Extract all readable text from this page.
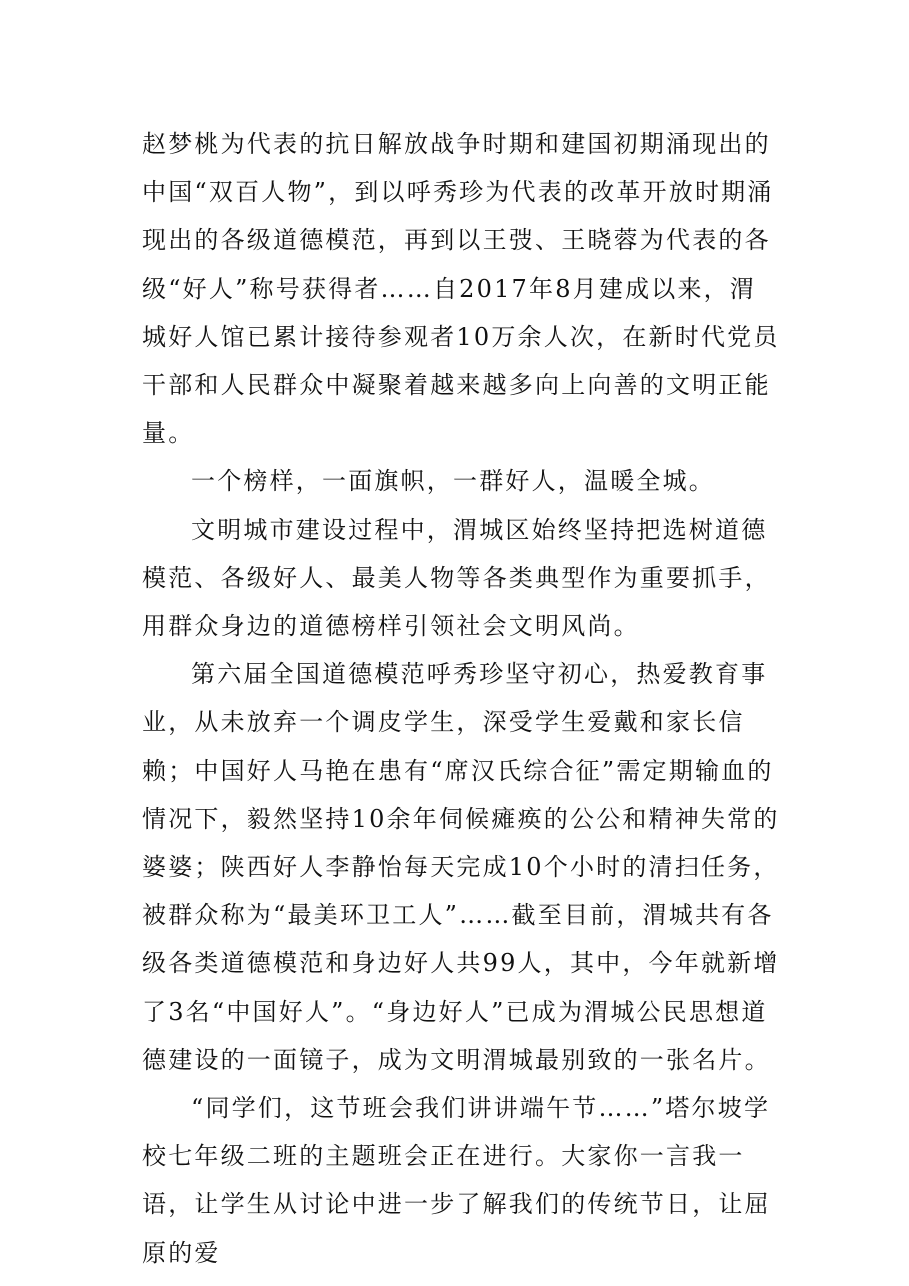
赵梦桃为代表的抗日解放战争时期和建国初期涌现出的中国“双百人物”，到以呼秀珍为代表的改革开放时期涌现出的各级道德模范，再到以王弢、王晓蓉为代表的各级“好人”称号获得者……自2017年8月建成以来，渭城好人馆已累计接待参观者10万余人次，在新时代党员干部和人民群众中凝聚着越来越多向上向善的文明正能量。

一个榜样，一面旗帜，一群好人，温暖全城。

文明城市建设过程中，渭城区始终坚持把选树道德模范、各级好人、最美人物等各类典型作为重要抓手，用群众身边的道德榜样引领社会文明风尚。

第六届全国道德模范呼秀珍坚守初心，热爱教育事业，从未放弃一个调皮学生，深受学生爱戴和家长信赖；中国好人马艳在患有“席汉氏综合征”需定期输血的情况下，毅然坚持10余年伺候瘫痪的公公和精神失常的婆婆；陕西好人李静怡每天完成10个小时的清扫任务，被群众称为“最美环卫工人”……截至目前，渭城共有各级各类道德模范和身边好人共99人，其中，今年就新增了3名“中国好人”。“身边好人”已成为渭城公民思想道德建设的一面镜子，成为文明渭城最别致的一张名片。

“同学们，这节班会我们讲讲端午节……”塔尔坡学校七年级二班的主题班会正在进行。大家你一言我一语，让学生从讨论中进一步了解我们的传统节日，让屈原的爱
